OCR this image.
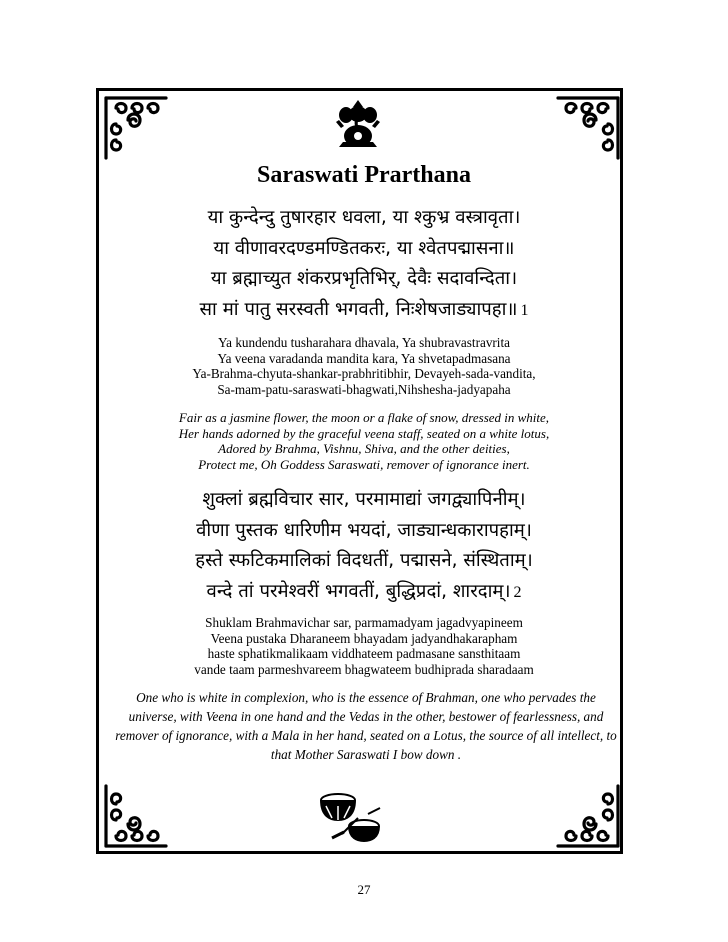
Saraswati Prarthana
या कुन्देन्दु तुषारहार धवला, या श्कुभ्र वस्त्रावृता।
या वीणावरदण्डमण्डितकरः, या श्वेतपद्मासना॥
या ब्रह्माच्युत शंकरप्रभृतिभिर्, देवैः सदावन्दिता।
सा मां पातु सरस्वती भगवती, निःशेषजाड्यापहा॥ 1
Ya kundendu tusharahara dhavala, Ya shubravastravrita
Ya veena varadanda mandita kara, Ya shvetapadmasana
Ya-Brahma-chyuta-shankar-prabhritibhir, Devayeh-sada-vandita,
Sa-mam-patu-saraswati-bhagwati,Nihshesha-jadyapaha
Fair as a jasmine flower, the moon or a flake of snow, dressed in white,
Her hands adorned by the graceful veena staff, seated on a white lotus,
Adored by Brahma, Vishnu, Shiva, and the other deities,
Protect me, Oh Goddess Saraswati, remover of ignorance inert.
शुक्लां ब्रह्मविचार सार, परमामाद्यां जगद्व्यापिनीम्।
वीणा पुस्तक धारिणीम भयदां, जाड्यान्धकारापहाम्।
हस्ते स्फटिकमालिकां विदधतीं, पद्मासने, संस्थिताम्।
वन्दे तां परमेश्वरीं भगवतीं, बुद्धिप्रदां, शारदाम्। 2
Shuklam Brahmavichar sar, parmamadyam jagadvyapineem
Veena pustaka Dharaneem bhayadam jadyandhakarapham
haste sphatikmalikaam viddhateem padmasane sansthitaam
vande taam parmeshvareem bhagwateem budhiprada sharadaam
One who is white in complexion, who is the essence of Brahman, one who pervades the universe, with Veena in one hand and the Vedas in the other, bestower of fearlessness, and remover of ignorance, with a Mala in her hand, seated on a Lotus, the source of all intellect, to that Mother Saraswati I bow down .
27
